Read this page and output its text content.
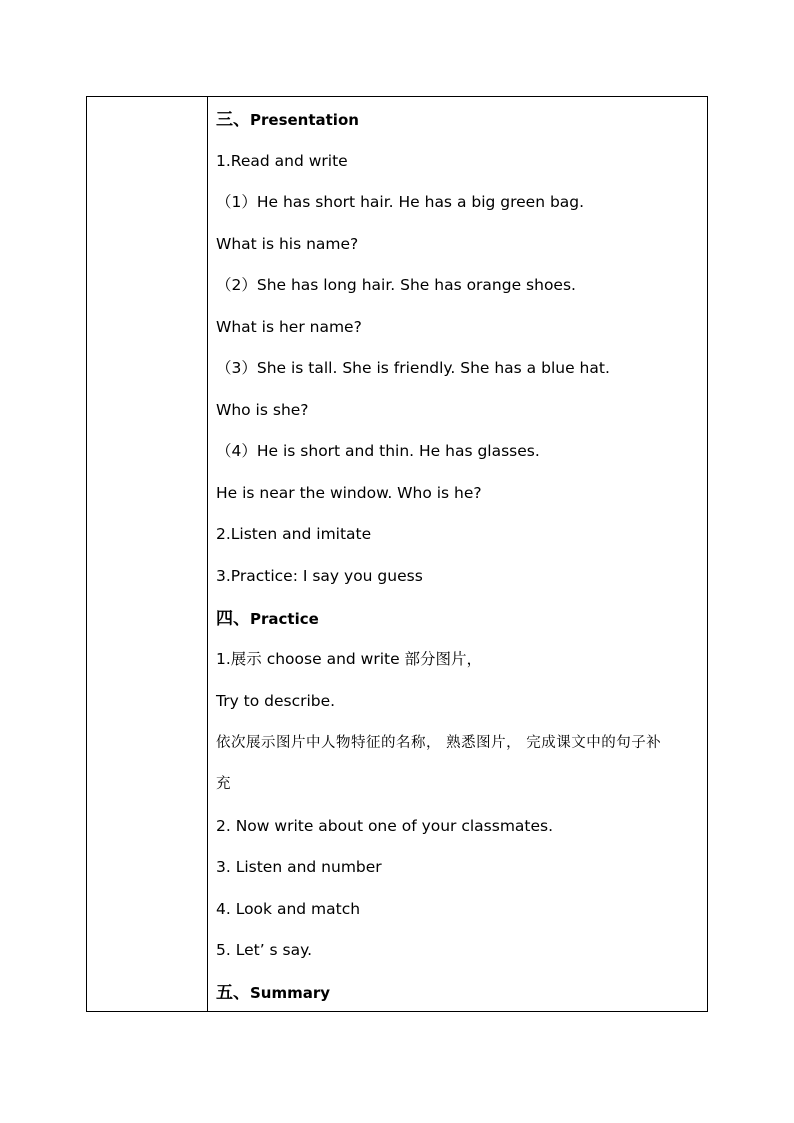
三、Presentation
1.Read and write
（1）He has short hair. He has a big green bag.
What is his name?
（2）She has long hair. She has orange shoes.
What is her name?
（3）She is tall. She is friendly. She has a blue hat.
Who is she?
（4）He is short and thin. He has glasses.
He is near the window. Who is he?
2.Listen and imitate
3.Practice: I say you guess
四、Practice
1.展示 choose and write 部分图片，
Try to describe.
依次展示图片中人物特征的名称， 熟悉图片， 完成课文中的句子补
充
2. Now write about one of your classmates.
3. Listen and number
4. Look and match
5. Let’ s say.
五、Summary
